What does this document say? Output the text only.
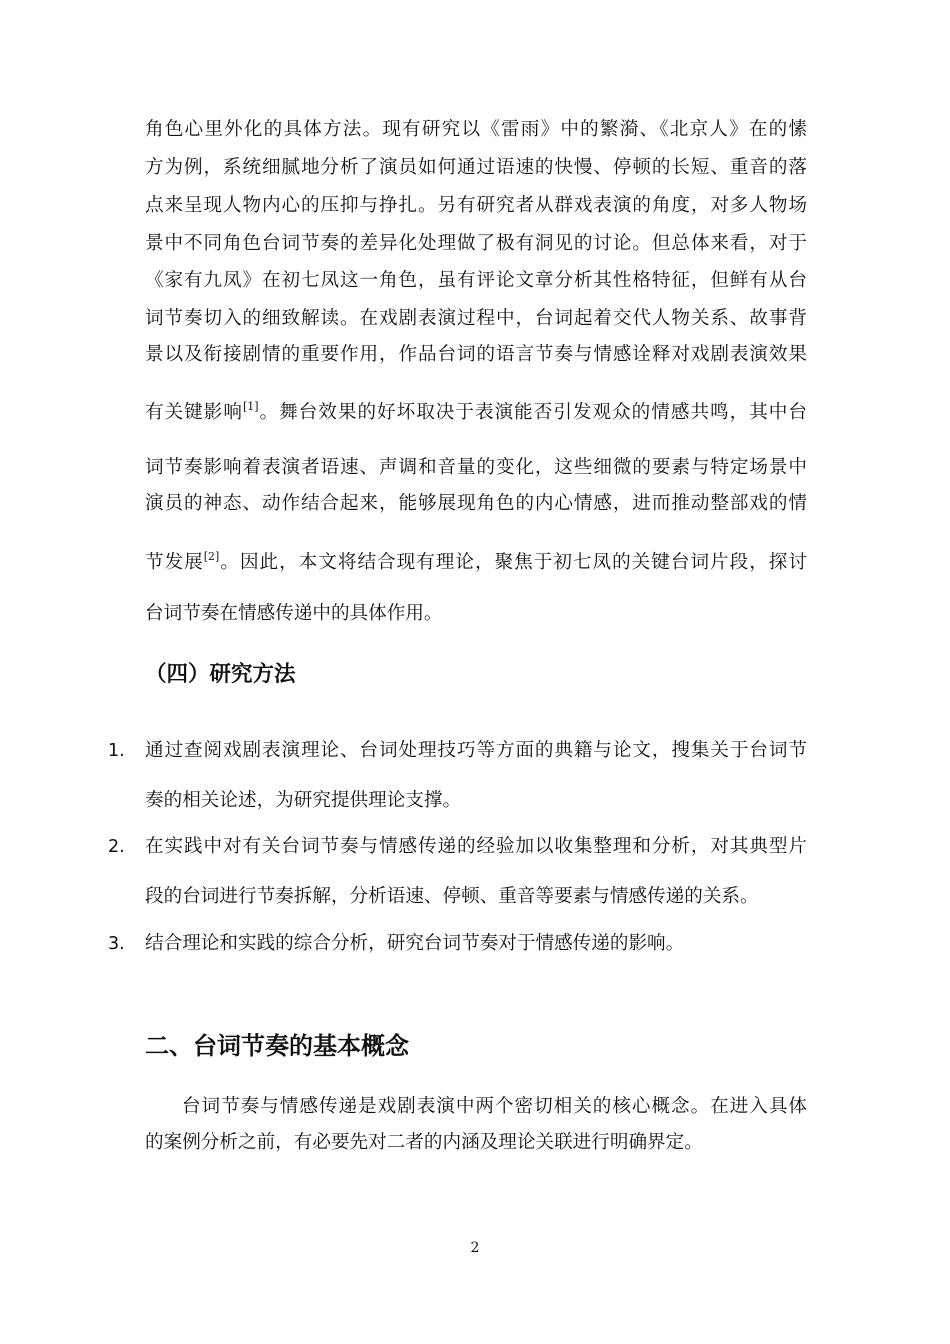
角色心里外化的具体方法。现有研究以《雷雨》中的繁漪、《北京人》在的愫
方为例，系统细腻地分析了演员如何通过语速的快慢、停顿的长短、重音的落
点来呈现人物内心的压抑与挣扎。另有研究者从群戏表演的角度，对多人物场
景中不同角色台词节奏的差异化处理做了极有洞见的讨论。但总体来看，对于
《家有九凤》在初七凤这一角色，虽有评论文章分析其性格特征，但鲜有从台
词节奏切入的细致解读。在戏剧表演过程中，台词起着交代人物关系、故事背
景以及衔接剧情的重要作用，作品台词的语言节奏与情感诠释对戏剧表演效果
有关键影响[1]。舞台效果的好坏取决于表演能否引发观众的情感共鸣，其中台
词节奏影响着表演者语速、声调和音量的变化，这些细微的要素与特定场景中
演员的神态、动作结合起来，能够展现角色的内心情感，进而推动整部戏的情
节发展[2]。因此，本文将结合现有理论，聚焦于初七凤的关键台词片段，探讨
台词节奏在情感传递中的具体作用。
（四）研究方法
1.	通过查阅戏剧表演理论、台词处理技巧等方面的典籍与论文，搜集关于台词节
奏的相关论述，为研究提供理论支撑。
2.	在实践中对有关台词节奏与情感传递的经验加以收集整理和分析，对其典型片
段的台词进行节奏拆解，分析语速、停顿、重音等要素与情感传递的关系。
3.	结合理论和实践的综合分析，研究台词节奏对于情感传递的影响。
二、台词节奏的基本概念
台词节奏与情感传递是戏剧表演中两个密切相关的核心概念。在进入具体
的案例分析之前，有必要先对二者的内涵及理论关联进行明确界定。
2
